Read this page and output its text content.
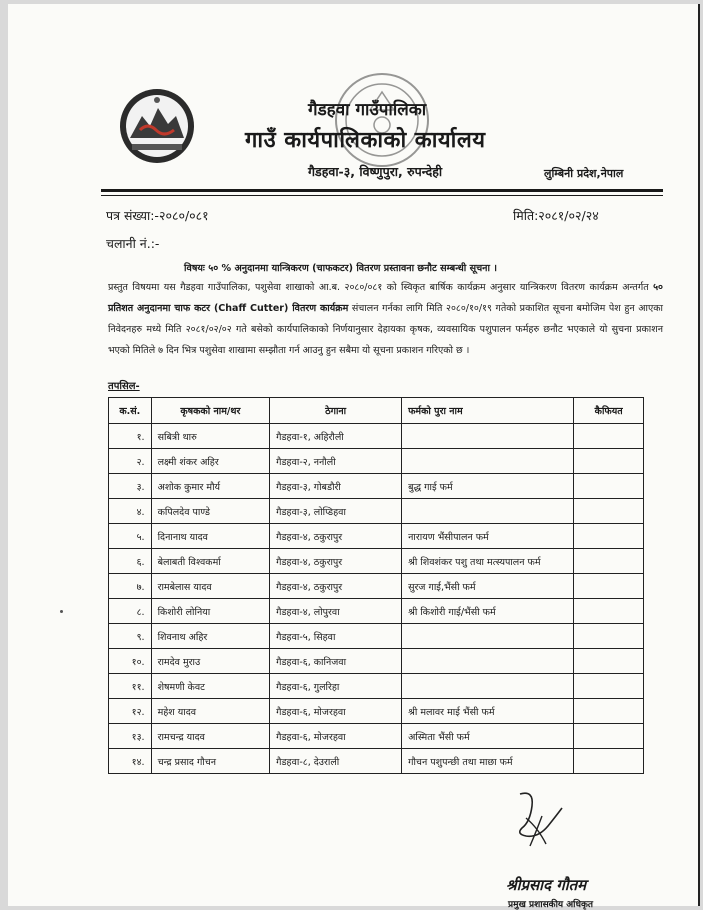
गैडहवा गाउँपालिका
गाउँ कार्यपालिकाको कार्यालय
गैडहवा-३, विष्णुपुरा, रुपन्देही	लुम्बिनी प्रदेश,नेपाल
पत्र संख्या:-२०८०/०८१	मिति:२०८१/०२/२४
चलानी नं.:-
विषयः ५० % अनुदानमा यान्त्रिकरण (चाफकटर) वितरण प्रस्तावना छनौट सम्बन्धी सूचना ।
प्रस्तुत विषयमा यस गैडहवा गाउँपालिका, पशुसेवा शाखाको आ.ब. २०८०/०८१ को स्विकृत बार्षिक कार्यक्रम अनुसार यान्त्रिकरण वितरण कार्यक्रम अन्तर्गत ५० प्रतिशत अनुदानमा चाफ कटर (Chaff Cutter) वितरण कार्यक्रम संचालन गर्नका लागि मिति २०८०/१०/१९ गतेको प्रकाशित सूचना बमोजिम पेश हुन आएका निवेदनहरु मध्ये मिति २०८१/०२/०२ गते बसेको कार्यपालिकाको निर्णयानुसार देहायका कृषक, व्यवसायिक पशुपालन फर्महरु छनौट भएकाले यो सुचना प्रकाशन भएको मितिले ७ दिन भित्र पशुसेवा शाखामा सम्झौता गर्न आउनु हुन सबैमा यो सूचना प्रकाशन गरिएको छ ।
तपसिल-
क.सं.	कृषकको नाम/थर	ठेगाना	फर्मको पुरा नाम	कैफियत
१.	सबित्री थारु	गैडहवा-१, अहिरौली		
२.	लक्ष्मी शंकर अहिर	गैडहवा-२, ननौली		
३.	अशोक कुमार मौर्य	गैडहवा-३, गोबडौरी	बुद्ध गाई फर्म	
४.	कपिलदेव पाण्डे	गैडहवा-३, लोप्डिहवा		
५.	दिनानाथ यादव	गैडहवा-४, ठकुरापुर	नारायण भैंसीपालन फर्म	
६.	बेलाबती विश्वकर्मा	गैडहवा-४, ठकुरापुर	श्री शिवशंकर पशु तथा मत्स्यपालन फर्म	
७.	रामबेलास यादव	गैडहवा-४, ठकुरापुर	सुरज गाई,भैंसी फर्म	
८.	किशोरी लोनिया	गैडहवा-४, लोपुरवा	श्री किशोरी गाई/भैंसी फर्म	
९.	शिवनाथ अहिर	गैडहवा-५, सिहवा		
१०.	रामदेव मुराउ	गैडहवा-६, कानिजवा		
११.	शेषमणी केवट	गैडहवा-६, गुलरिहा		
१२.	महेश यादव	गैडहवा-६, मोजरहवा	श्री मलावर माई भैंसी फर्म	
१३.	रामचन्द्र यादव	गैडहवा-६, मोजरहवा	अस्मिता भैंसी फर्म	
१४.	चन्द्र प्रसाद गौचन	गैडहवा-८, देउराली	गौचन पशुपन्छी तथा माछा फर्म	
श्रीप्रसाद गौतम
प्रमुख प्रशासकीय अधिकृत
